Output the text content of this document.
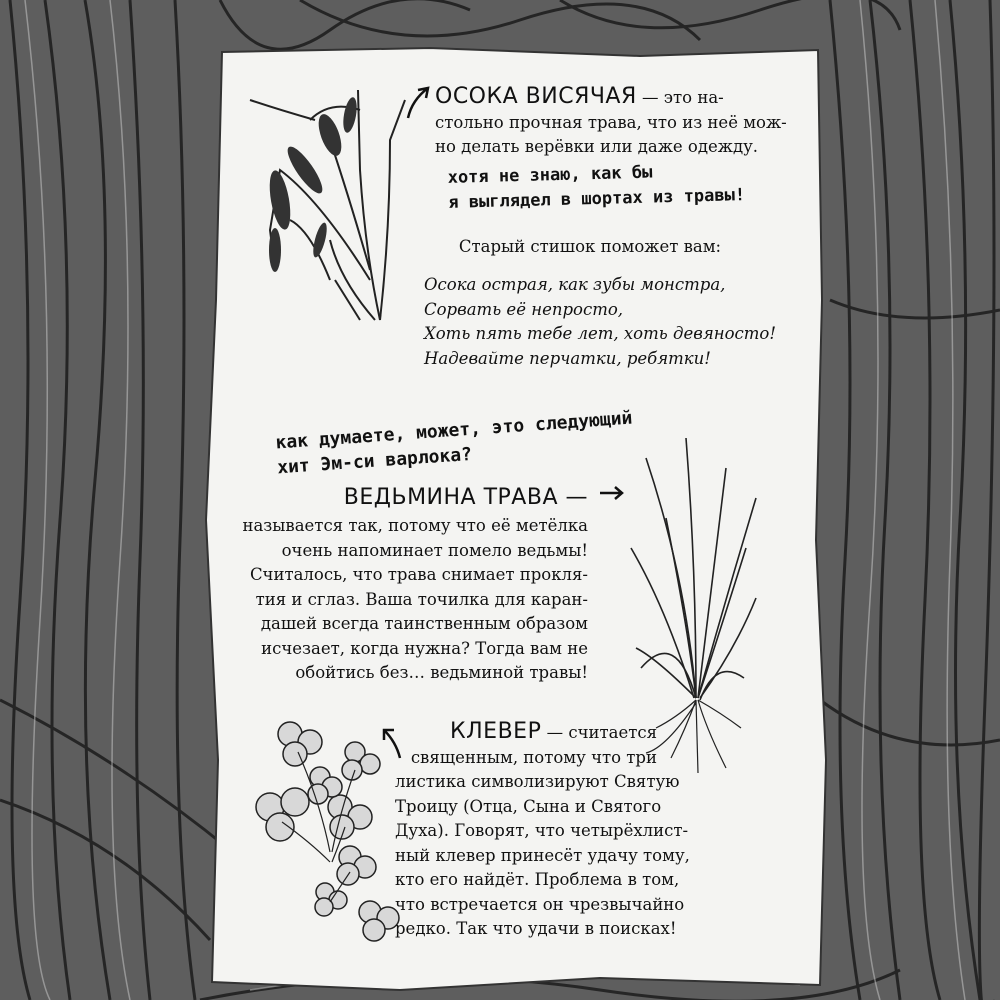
ОСОКА ВИСЯЧАЯ — это на-
стольно прочная трава, что из неё мож-
но делать верёвки или даже одежду.
хотя не знаю, как бы
я выглядел в шортах из травы!
Старый стишок поможет вам:
Осока острая, как зубы монстра,
Сорвать её непросто,
Хоть пять тебе лет, хоть девяносто!
Надевайте перчатки, ребятки!
как думаете, может, это следующий
хит Эм-си варлока?
ВЕДЬМИНА ТРАВА —
называется так, потому что её метёлка
очень напоминает помело ведьмы!
Считалось, что трава снимает прокля-
тия и сглаз. Ваша точилка для каран-
дашей всегда таинственным образом
исчезает, когда нужна? Тогда вам не
обойтись без… ведьминой травы!
КЛЕВЕР — считается
священным, потому что три
листика символизируют Святую
Троицу (Отца, Сына и Святого
Духа). Говорят, что четырёхлист-
ный клевер принесёт удачу тому,
кто его найдёт. Проблема в том,
что встречается он чрезвычайно
редко. Так что удачи в поисках!
